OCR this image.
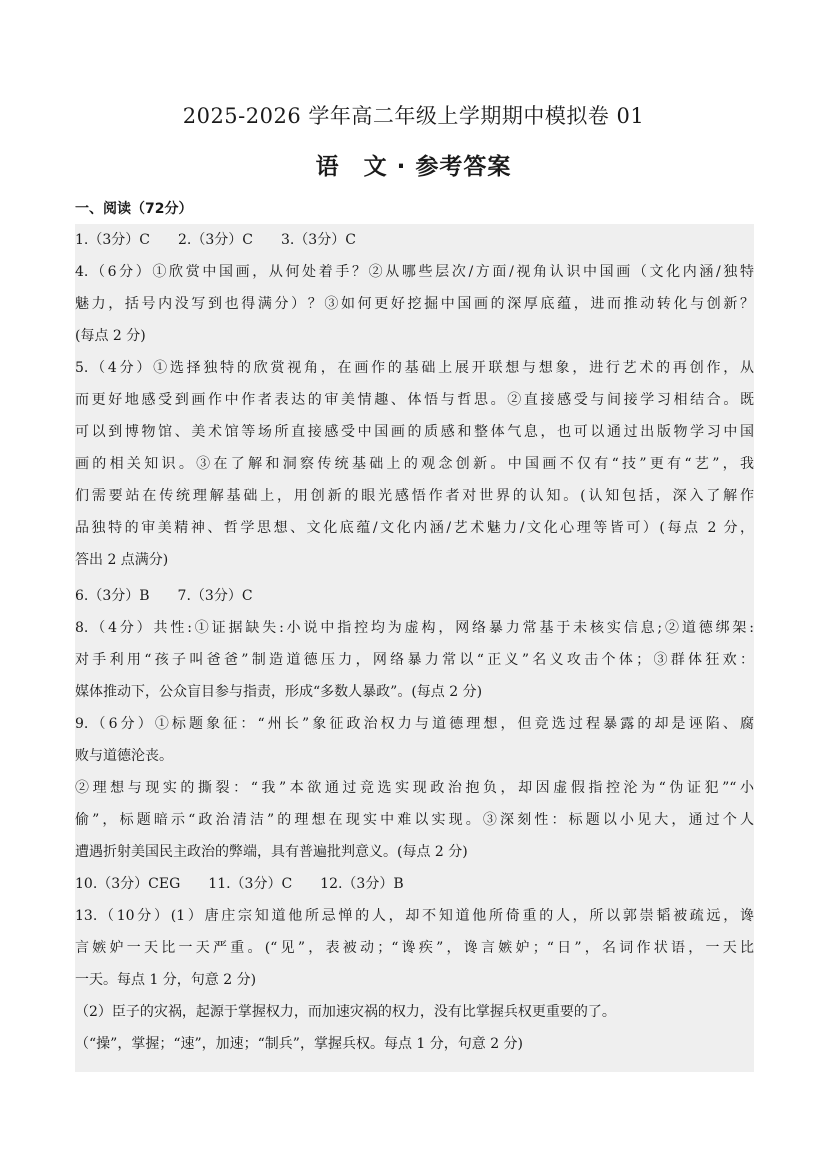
2025-2026 学年高二年级上学期期中模拟卷 01
语　文 · 参考答案
一、阅读（72分）
1.（3分）C　　2.（3分）C　　3.（3分）C
4.（6分）①欣赏中国画，从何处着手？②从哪些层次/方面/视角认识中国画（文化内涵/独特
魅力，括号内没写到也得满分）？③如何更好挖掘中国画的深厚底蕴，进而推动转化与创新？
(每点 2 分)
5.（4分）①选择独特的欣赏视角，在画作的基础上展开联想与想象，进行艺术的再创作，从
而更好地感受到画作中作者表达的审美情趣、体悟与哲思。②直接感受与间接学习相结合。既
可以到博物馆、美术馆等场所直接感受中国画的质感和整体气息，也可以通过出版物学习中国
画的相关知识。③在了解和洞察传统基础上的观念创新。中国画不仅有“技”更有“艺”，我
们需要站在传统理解基础上，用创新的眼光感悟作者对世界的认知。(认知包括，深入了解作
品独特的审美精神、哲学思想、文化底蕴/文化内涵/艺术魅力/文化心理等皆可）(每点 2 分，
答出 2 点满分)
6.（3分）B　　7.（3分）C
8.（4分）共性:①证据缺失:小说中指控均为虚构，网络暴力常基于未核实信息;②道德绑架:
对手利用“孩子叫爸爸”制造道德压力，网络暴力常以“正义”名义攻击个体；③群体狂欢：
媒体推动下，公众盲目参与指责，形成“多数人暴政”。(每点 2 分)
9.（6分）①标题象征：“州长”象征政治权力与道德理想，但竞选过程暴露的却是诬陷、腐
败与道德沦丧。
②理想与现实的撕裂：“我”本欲通过竞选实现政治抱负，却因虚假指控沦为“伪证犯”“小
偷”，标题暗示“政治清洁”的理想在现实中难以实现。③深刻性：标题以小见大，通过个人
遭遇折射美国民主政治的弊端，具有普遍批判意义。(每点 2 分)
10.（3分）CEG　　11.（3分）C　　12.（3分）B
13.（10分）(1）唐庄宗知道他所忌惮的人，却不知道他所倚重的人，所以郭崇韬被疏远，谗
言嫉妒一天比一天严重。(“见”，表被动；“谗疾”，谗言嫉妒；“日”，名词作状语，一天比
一天。每点 1 分，句意 2 分)
（2）臣子的灾祸，起源于掌握权力，而加速灾祸的权力，没有比掌握兵权更重要的了。
（“操”，掌握；“速”，加速；“制兵”，掌握兵权。每点 1 分，句意 2 分)
